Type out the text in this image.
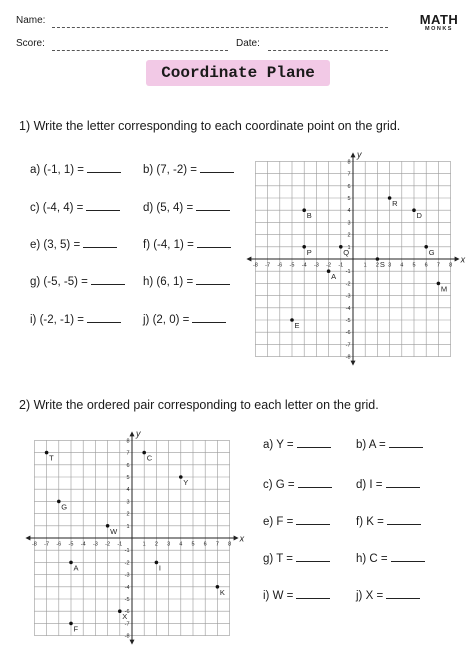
Name:
Score:	Date:
MATH
MONKS
Coordinate Plane
1) Write the letter corresponding to each coordinate point on the grid.
a) (-1, 1) =	b) (7, -2) =
c) (-4, 4) =	d) (5, 4) =
e) (3, 5) =	f) (-4, 1) =
g) (-5, -5) =	h) (6, 1) =
i) (-2, -1) =	j) (2, 0) =
-8
-8
-7
-7
-6
-6
-5
-5
-4
-4
-3
-3
-2
-2
-1
-1
1
1
2
2
3
3
4
4
5
5
6
6
7
7
8
8
x
y
B
P	Q
A
E
R
D
S
G
M
2) Write the ordered pair corresponding to each letter on the grid.
-8
-8
-7
-7
-6
-6
-5
-5
-4
-4
-3
-3
-2
-2
-1
-1
1
1
2
2
3
3
4
4
5
5
6
6
7
7
8
8
x
y
T
G
A
F
W
C
Y
I
K
X
a) Y =	b) A =
c) G =	d) I =
e) F =	f) K =
g) T =	h) C =
i) W =	j) X =
